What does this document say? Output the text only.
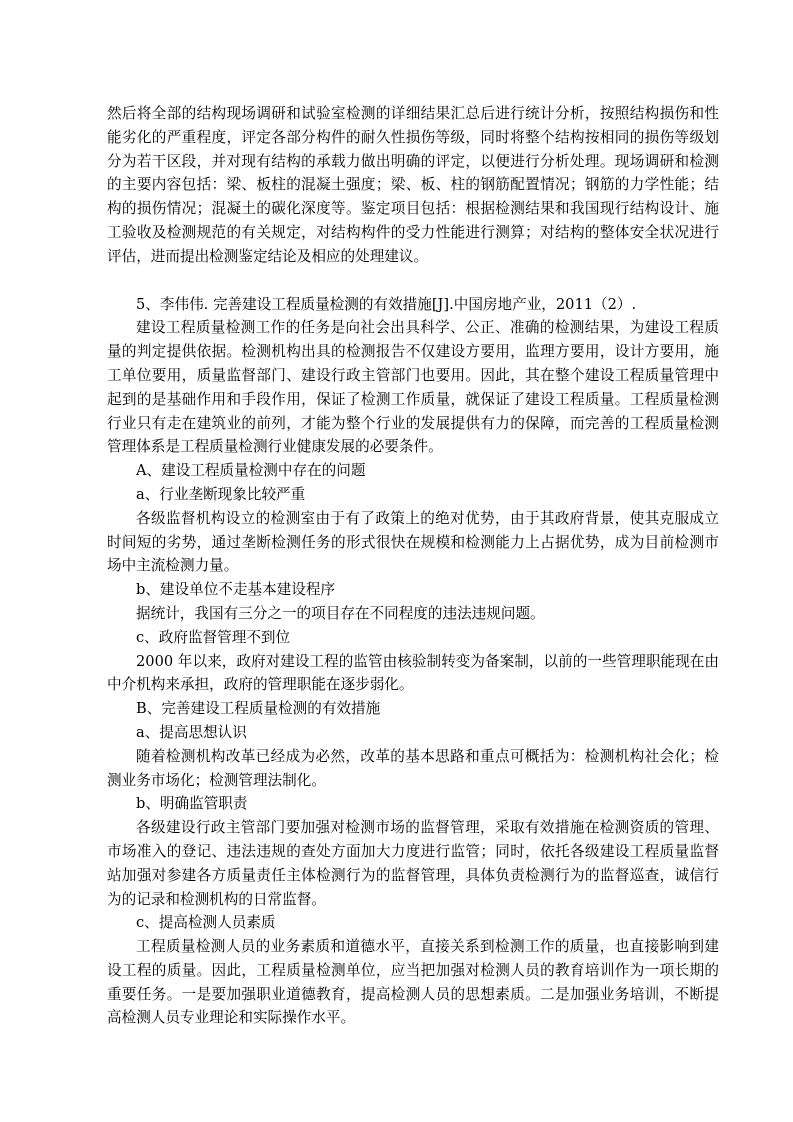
然后将全部的结构现场调研和试验室检测的详细结果汇总后进行统计分析，按照结构损伤和性能劣化的严重程度，评定各部分构件的耐久性损伤等级，同时将整个结构按相同的损伤等级划分为若干区段，并对现有结构的承载力做出明确的评定，以便进行分析处理。现场调研和检测的主要内容包括：梁、板柱的混凝土强度；梁、板、柱的钢筋配置情况；钢筋的力学性能；结构的损伤情况；混凝土的碳化深度等。鉴定项目包括：根据检测结果和我国现行结构设计、施工验收及检测规范的有关规定，对结构构件的受力性能进行测算；对结构的整体安全状况进行评估，进而提出检测鉴定结论及相应的处理建议。

5、李伟伟. 完善建设工程质量检测的有效措施[J].中国房地产业，2011（2）.

建设工程质量检测工作的任务是向社会出具科学、公正、准确的检测结果，为建设工程质量的判定提供依据。检测机构出具的检测报告不仅建设方要用，监理方要用，设计方要用，施工单位要用，质量监督部门、建设行政主管部门也要用。因此，其在整个建设工程质量管理中起到的是基础作用和手段作用，保证了检测工作质量，就保证了建设工程质量。工程质量检测行业只有走在建筑业的前列，才能为整个行业的发展提供有力的保障，而完善的工程质量检测管理体系是工程质量检测行业健康发展的必要条件。

A、建设工程质量检测中存在的问题

a、行业垄断现象比较严重

各级监督机构设立的检测室由于有了政策上的绝对优势，由于其政府背景，使其克服成立时间短的劣势，通过垄断检测任务的形式很快在规模和检测能力上占据优势，成为目前检测市场中主流检测力量。

b、建设单位不走基本建设程序

据统计，我国有三分之一的项目存在不同程度的违法违规问题。

c、政府监督管理不到位

2000 年以来，政府对建设工程的监管由核验制转变为备案制，以前的一些管理职能现在由中介机构来承担，政府的管理职能在逐步弱化。

B、完善建设工程质量检测的有效措施

a、提高思想认识

随着检测机构改革已经成为必然，改革的基本思路和重点可概括为：检测机构社会化；检测业务市场化；检测管理法制化。

b、明确监管职责

各级建设行政主管部门要加强对检测市场的监督管理，采取有效措施在检测资质的管理、市场准入的登记、违法违规的查处方面加大力度进行监管；同时，依托各级建设工程质量监督站加强对参建各方质量责任主体检测行为的监督管理，具体负责检测行为的监督巡查，诚信行为的记录和检测机构的日常监督。

c、提高检测人员素质

工程质量检测人员的业务素质和道德水平，直接关系到检测工作的质量，也直接影响到建设工程的质量。因此，工程质量检测单位，应当把加强对检测人员的教育培训作为一项长期的重要任务。一是要加强职业道德教育，提高检测人员的思想素质。二是加强业务培训，不断提高检测人员专业理论和实际操作水平。
